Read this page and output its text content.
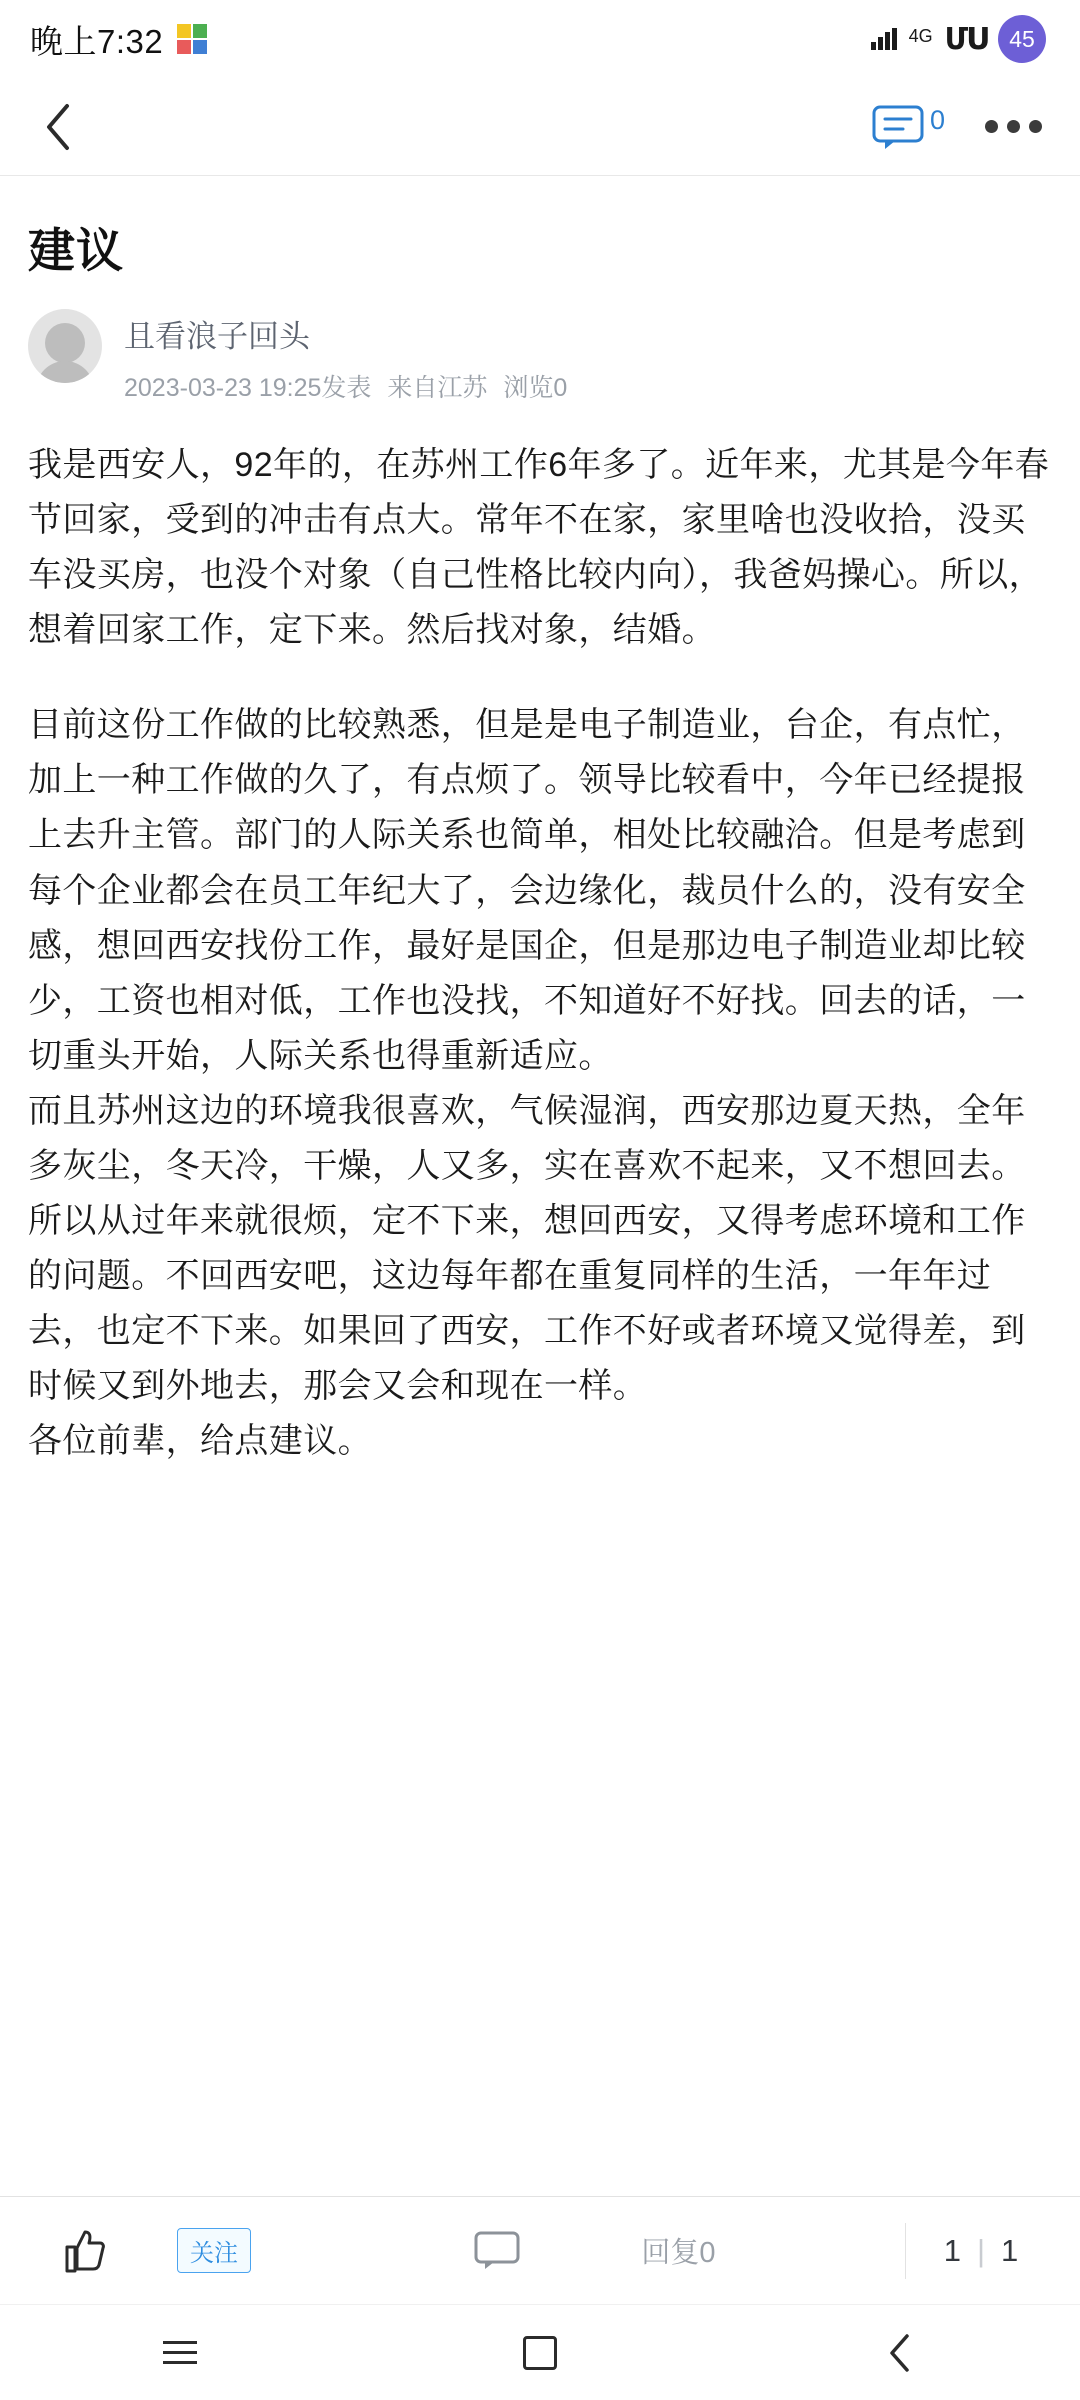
晚上7:32	4G ՄՍ	45
0
建议
且看浪子回头
2023-03-23 19:25发表 来自江苏 浏览0

我是西安人，92年的，在苏州工作6年多了。近年来，尤其是今年春节回家，受到的冲击有点大。常年不在家，家里啥也没收拾，没买车没买房，也没个对象（自己性格比较内向），我爸妈操心。所以，想着回家工作，定下来。然后找对象，结婚。

目前这份工作做的比较熟悉，但是是电子制造业，台企，有点忙，加上一种工作做的久了，有点烦了。领导比较看中，今年已经提报上去升主管。部门的人际关系也简单，相处比较融洽。但是考虑到每个企业都会在员工年纪大了，会边缘化，裁员什么的，没有安全感，想回西安找份工作，最好是国企，但是那边电子制造业却比较少，工资也相对低，工作也没找，不知道好不好找。回去的话，一切重头开始，人际关系也得重新适应。

而且苏州这边的环境我很喜欢，气候湿润，西安那边夏天热，全年多灰尘，冬天冷，干燥，人又多，实在喜欢不起来，又不想回去。

所以从过年来就很烦，定不下来，想回西安，又得考虑环境和工作的问题。不回西安吧，这边每年都在重复同样的生活，一年年过去，也定不下来。如果回了西安，工作不好或者环境又觉得差，到时候又到外地去，那会又会和现在一样。

各位前辈，给点建议。

关注	回复0	1 | 1
